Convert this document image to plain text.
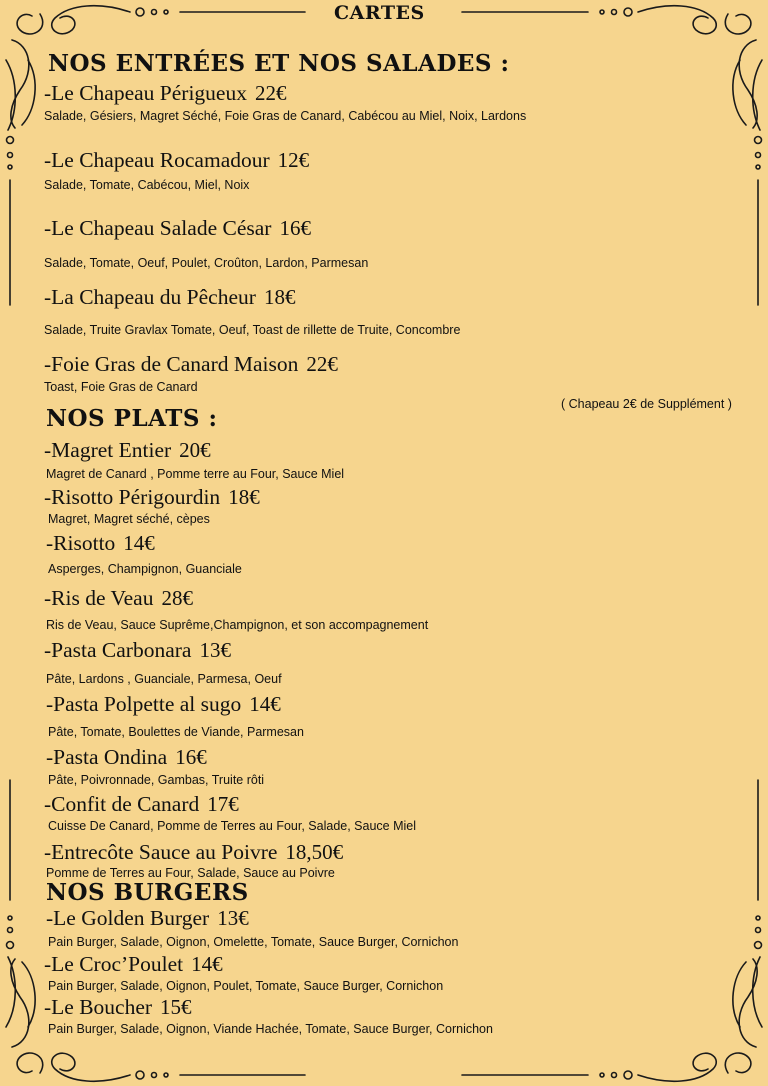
CARTES
NOS ENTRÉES ET NOS SALADES :
-Le Chapeau Périgueux 22€
Salade, Gésiers, Magret Séché, Foie Gras de Canard, Cabécou au Miel, Noix, Lardons
-Le Chapeau Rocamadour 12€
Salade, Tomate, Cabécou, Miel, Noix
-Le Chapeau Salade César 16€
Salade, Tomate, Oeuf, Poulet, Croûton, Lardon, Parmesan
-La Chapeau du Pêcheur 18€
Salade, Truite Gravlax Tomate, Oeuf, Toast de rillette de Truite, Concombre
-Foie Gras de Canard Maison 22€
Toast, Foie Gras de Canard
( Chapeau 2€ de Supplément )
NOS PLATS :
-Magret Entier 20€
Magret de Canard , Pomme terre au Four, Sauce Miel
-Risotto Périgourdin 18€
Magret, Magret séché, cèpes
-Risotto 14€
Asperges, Champignon, Guanciale
-Ris de Veau 28€
Ris de Veau, Sauce Suprême,Champignon, et son accompagnement
-Pasta Carbonara 13€
Pâte, Lardons , Guanciale, Parmesa, Oeuf
-Pasta Polpette al sugo 14€
Pâte, Tomate, Boulettes de Viande, Parmesan
-Pasta Ondina 16€
Pâte, Poivronnade, Gambas, Truite rôti
-Confit de Canard 17€
Cuisse De Canard, Pomme de Terres au Four, Salade, Sauce Miel
-Entrecôte Sauce au Poivre 18,50€
Pomme de Terres au Four, Salade, Sauce au Poivre
NOS BURGERS
-Le Golden Burger 13€
Pain Burger, Salade, Oignon, Omelette, Tomate, Sauce Burger, Cornichon
-Le Croc’Poulet 14€
Pain Burger, Salade, Oignon, Poulet, Tomate, Sauce Burger, Cornichon
-Le Boucher 15€
Pain Burger, Salade, Oignon, Viande Hachée, Tomate, Sauce Burger, Cornichon
